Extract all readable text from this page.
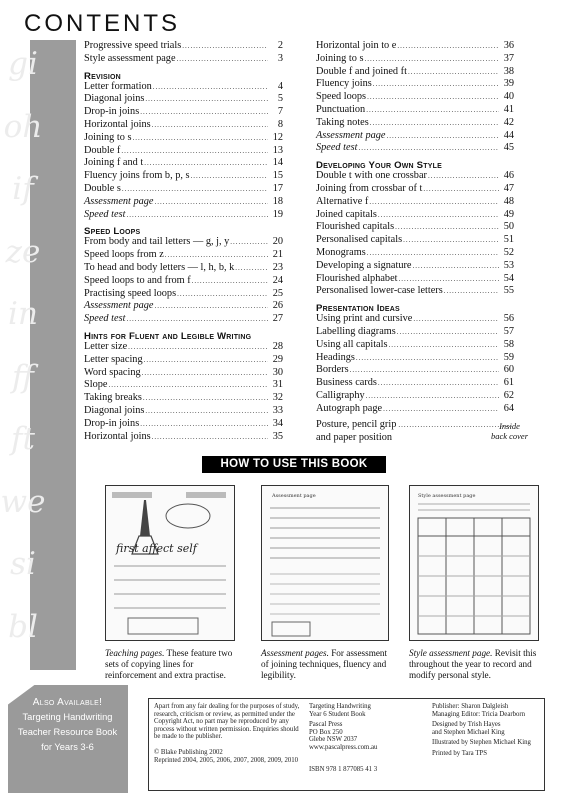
CONTENTS
gi
oh
if
ze
in
ff
ft
we
si
bl
Progressive speed trials .....	2
Style assessment page .....	3
Revision
Letter formation .....	4
Diagonal joins .....	5
Drop-in joins .....	7
Horizontal joins .....	8
Joining to s .....	12
Double f .....	13
Joining f and t .....	14
Fluency joins from b, p, s .....	15
Double s .....	17
Assessment page .....	18
Speed test .....	19
Speed Loops
From body and tail letters — g, j, y .....	20
Speed loops from z .....	21
To head and body letters — l, h, b, k .....	23
Speed loops to and from f .....	24
Practising speed loops .....	25
Assessment page .....	26
Speed test .....	27
Hints for Fluent and Legible Writing
Letter size .....	28
Letter spacing .....	29
Word spacing .....	30
Slope .....	31
Taking breaks .....	32
Diagonal joins .....	33
Drop-in joins .....	34
Horizontal joins .....	35
Horizontal join to e .....	36
Joining to s .....	37
Double f and joined ft .....	38
Fluency joins .....	39
Speed loops .....	40
Punctuation .....	41
Taking notes .....	42
Assessment page .....	44
Speed test .....	45
Developing Your Own Style
Double t with one crossbar .....	46
Joining from crossbar of t .....	47
Alternative f .....	48
Joined capitals .....	49
Flourished capitals .....	50
Personalised capitals .....	51
Monograms .....	52
Developing a signature .....	53
Flourished alphabet .....	54
Personalised lower-case letters .....	55
Presentation Ideas
Using print and cursive .....	56
Labelling diagrams .....	57
Using all capitals .....	58
Headings .....	59
Borders .....	60
Business cards .....	61
Calligraphy .....	62
Autograph page .....	64
Posture, pencil grip
.....
and paper position
Inside
back cover
HOW TO USE THIS BOOK
first affect self
Assessment page	Style assessment page
Teaching pages. These feature two sets of copying lines for reinforcement and extra practise.
Assessment pages. For assessment of joining techniques, fluency and legibility.
Style assessment page. Revisit this throughout the year to record and modify personal style.
Also Available!
Targeting Handwriting
Teacher Resource Book
for Years 3-6
Apart from any fair dealing for the purposes of study, research, criticism or review, as permitted under the Copyright Act, no part may be reproduced by any process without written permission. Enquiries should be made to the publisher.
© Blake Publishing 2002
Reprinted 2004, 2005, 2006, 2007, 2008, 2009, 2010
Targeting Handwriting
Year 6 Student Book
Pascal Press
PO Box 250
Glebe NSW 2037
www.pascalpress.com.au
ISBN 978 1 877085 41 3
Publisher: Sharon Dalgleish
Managing Editor: Tricia Dearborn
Designed by Trish Hayes
and Stephen Michael King
Illustrated by Stephen Michael King
Printed by Tara TPS
